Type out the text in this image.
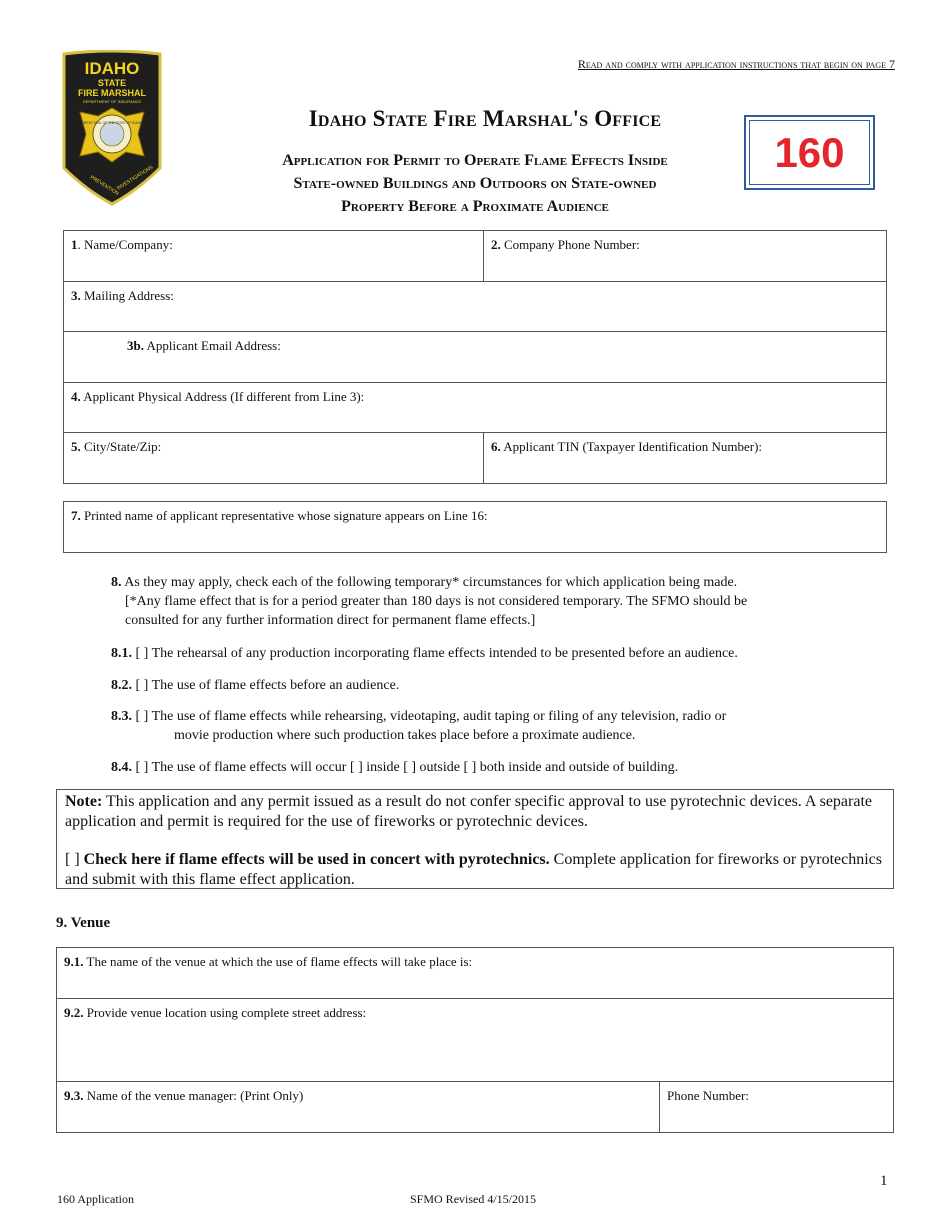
IDAHO
STATE
FIRE MARSHAL
DEPARTMENT OF INSURANCE
GREAT SEAL OF THE STATE OF IDAHO
PREVENTION
INVESTIGATIONS
Read and comply with application instructions that begin on page 7
Idaho State Fire Marshal's Office
Application for Permit to Operate Flame Effects Inside
State-owned Buildings and Outdoors on State-owned
Property Before a Proximate Audience
160
1. Name/Company:	2. Company Phone Number:
3. Mailing Address:	
3b. Applicant Email Address:	
4. Applicant Physical Address (If different from Line 3):	
5. City/State/Zip:	6. Applicant TIN (Taxpayer Identification Number):
7. Printed name of applicant representative whose signature appears on Line 16:
8. As they may apply, check each of the following temporary* circumstances for which application being made.
[*Any flame effect that is for a period greater than 180 days is not considered temporary. The SFMO should be
consulted for any further information direct for permanent flame effects.]
8.1. [ ] The rehearsal of any production incorporating flame effects intended to be presented before an audience.
8.2. [ ] The use of flame effects before an audience.
8.3. [ ] The use of flame effects while rehearsing, videotaping, audit taping or filing of any television, radio or
movie production where such production takes place before a proximate audience.
8.4. [ ] The use of flame effects will occur [ ] inside [ ] outside [ ] both inside and outside of building.
Note: This application and any permit issued as a result do not confer specific approval to use pyrotechnic devices. A separate application and permit is required for the use of fireworks or pyrotechnic devices.
[ ] Check here if flame effects will be used in concert with pyrotechnics. Complete application for fireworks or pyrotechnics and submit with this flame effect application.
9. Venue
9.1. The name of the venue at which the use of flame effects will take place is:
9.2. Provide venue location using complete street address:
9.3. Name of the venue manager: (Print Only)	Phone Number:
1
160 Application	SFMO Revised 4/15/2015
